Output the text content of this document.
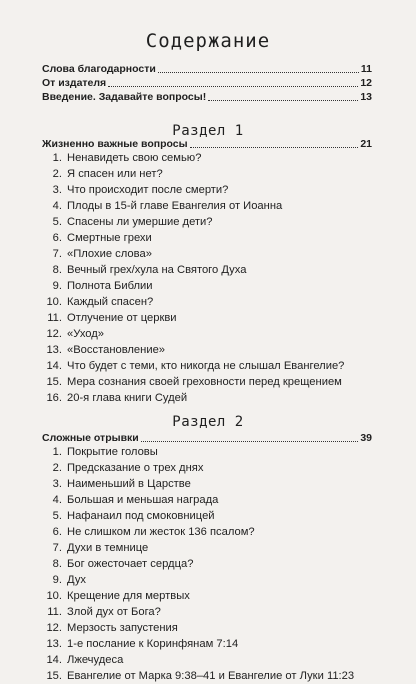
Содержание
Слова благодарности	11
От издателя	12
Введение. Задавайте вопросы!	13
Раздел 1
Жизненно важные вопросы	21
1. Ненавидеть свою семью?
2. Я спасен или нет?
3. Что происходит после смерти?
4. Плоды в 15-й главе Евангелия от Иоанна
5. Спасены ли умершие дети?
6. Смертные грехи
7. «Плохие слова»
8. Вечный грех/хула на Святого Духа
9. Полнота Библии
10. Каждый спасен?
11. Отлучение от церкви
12. «Уход»
13. «Восстановление»
14. Что будет с теми, кто никогда не слышал Евангелие?
15. Мера сознания своей греховности перед крещением
16. 20-я глава книги Судей
Раздел 2
Сложные отрывки	39
1. Покрытие головы
2. Предсказание о трех днях
3. Наименьший в Царстве
4. Большая и меньшая награда
5. Нафанаил под смоковницей
6. Не слишком ли жесток 136 псалом?
7. Духи в темнице
8. Бог ожесточает сердца?
9. Дух
10. Крещение для мертвых
11. Злой дух от Бога?
12. Мерзость запустения
13. 1-е послание к Коринфянам 7:14
14. Лжечудеса
15. Евангелие от Марка 9:38–41 и Евангелие от Луки 11:23
